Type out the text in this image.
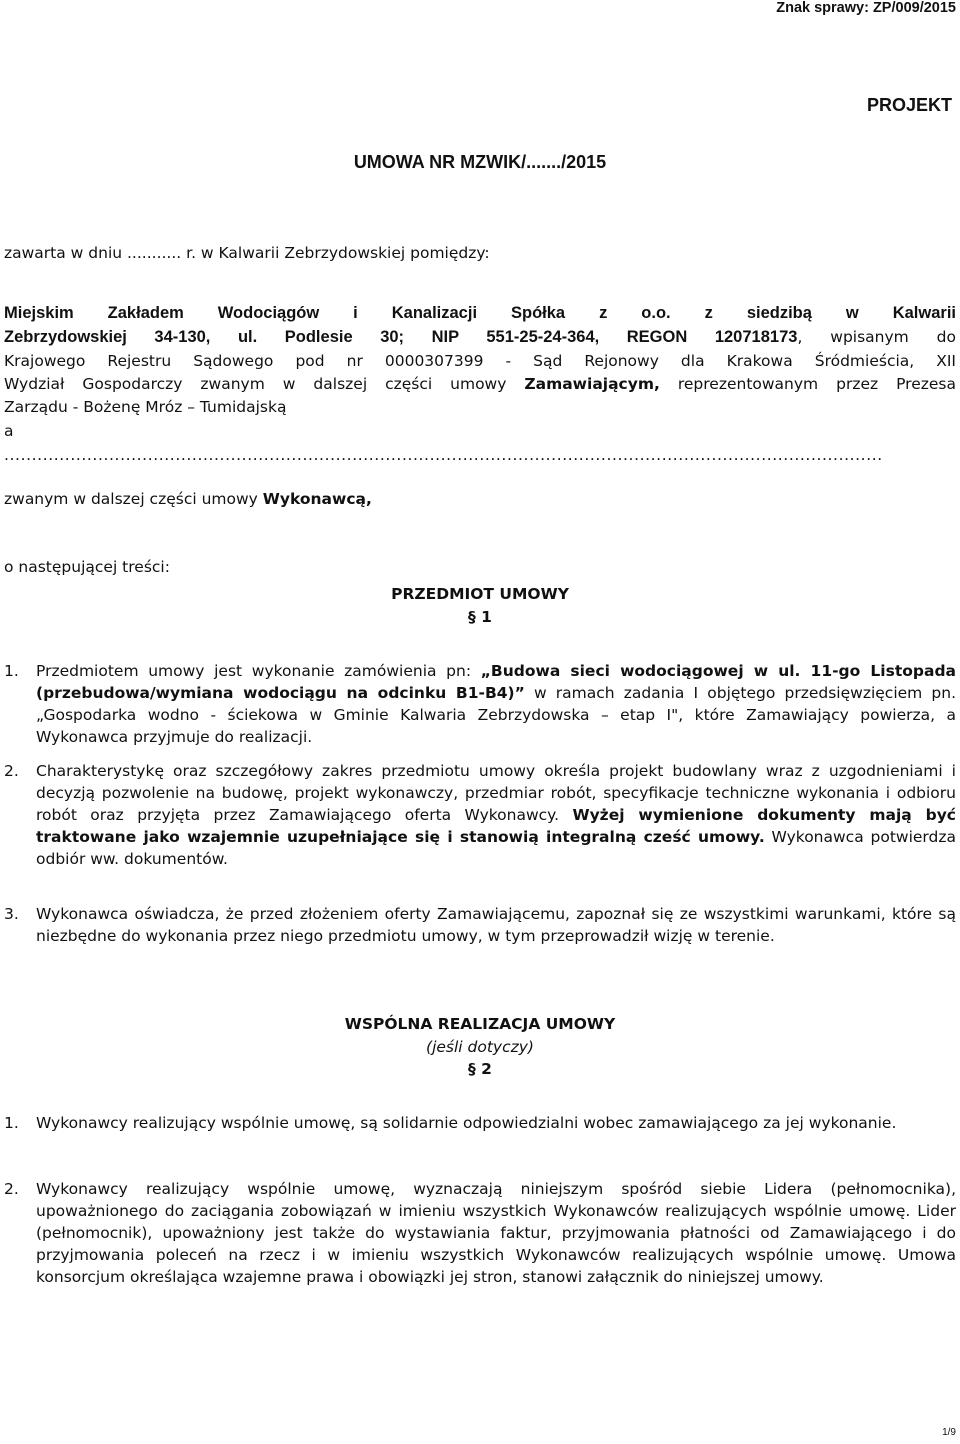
Znak sprawy: ZP/009/2015
PROJEKT
UMOWA NR MZWIK/......./2015
zawarta w dniu ........... r. w Kalwarii Zebrzydowskiej pomiędzy:
Miejskim Zakładem Wodociągów i Kanalizacji Spółka z o.o. z siedzibą w Kalwarii
Zebrzydowskiej 34-130, ul. Podlesie 30; NIP 551-25-24-364, REGON 120718173, wpisanym do
Krajowego Rejestru Sądowego pod nr 0000307399 - Sąd Rejonowy dla Krakowa Śródmieścia, XII
Wydział Gospodarczy zwanym w dalszej części umowy Zamawiającym, reprezentowanym przez Prezesa
Zarządu - Bożenę Mróz – Tumidajską
a
...............................................................................................................................................................
zwanym w dalszej części umowy Wykonawcą,
o następującej treści:
PRZEDMIOT UMOWY
§ 1
1. Przedmiotem umowy jest wykonanie zamówienia pn: „Budowa sieci wodociągowej w ul. 11-go Listopada (przebudowa/wymiana wodociągu na odcinku B1-B4)” w ramach zadania I objętego przedsięwzięciem pn. „Gospodarka wodno - ściekowa w Gminie Kalwaria Zebrzydowska – etap I", które Zamawiający powierza, a Wykonawca przyjmuje do realizacji.
2. Charakterystykę oraz szczegółowy zakres przedmiotu umowy określa projekt budowlany wraz z uzgodnieniami i decyzją pozwolenie na budowę, projekt wykonawczy, przedmiar robót, specyfikacje techniczne wykonania i odbioru robót oraz przyjęta przez Zamawiającego oferta Wykonawcy. Wyżej wymienione dokumenty mają być traktowane jako wzajemnie uzupełniające się i stanowią integralną cześć umowy. Wykonawca potwierdza odbiór ww. dokumentów.
3. Wykonawca oświadcza, że przed złożeniem oferty Zamawiającemu, zapoznał się ze wszystkimi warunkami, które są niezbędne do wykonania przez niego przedmiotu umowy, w tym przeprowadził wizję w terenie.
WSPÓLNA REALIZACJA UMOWY
(jeśli dotyczy)
§ 2
1. Wykonawcy realizujący wspólnie umowę, są solidarnie odpowiedzialni wobec zamawiającego za jej wykonanie.
2. Wykonawcy realizujący wspólnie umowę, wyznaczają niniejszym spośród siebie Lidera (pełnomocnika), upoważnionego do zaciągania zobowiązań w imieniu wszystkich Wykonawców realizujących wspólnie umowę. Lider (pełnomocnik), upoważniony jest także do wystawiania faktur, przyjmowania płatności od Zamawiającego i do przyjmowania poleceń na rzecz i w imieniu wszystkich Wykonawców realizujących wspólnie umowę. Umowa konsorcjum określająca wzajemne prawa i obowiązki jej stron, stanowi załącznik do niniejszej umowy.
1/9
